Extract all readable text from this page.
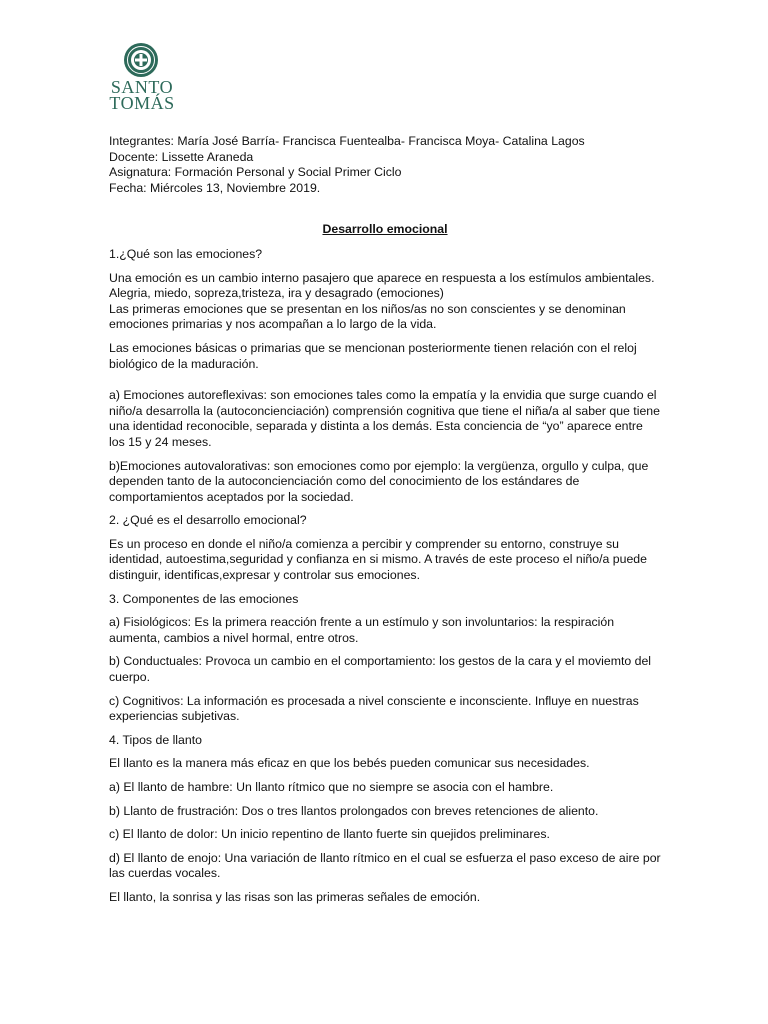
SANTO
TOMÁS

Integrantes: María José Barría- Francisca Fuentealba- Francisca Moya- Catalina Lagos

Docente: Lissette Araneda

Asignatura: Formación Personal y Social Primer Ciclo

Fecha: Miércoles 13, Noviembre 2019.

Desarrollo emocional

1.¿Qué son las emociones?

Una emoción es un cambio interno pasajero que aparece en respuesta a los estímulos ambientales.
Alegria, miedo, sopreza,tristeza, ira y desagrado (emociones)
Las primeras emociones que se presentan en los niños/as no son conscientes y se denominan emociones primarias y nos acompañan a lo largo de la vida.

Las emociones básicas o primarias que se mencionan posteriormente tienen relación con el reloj biológico de la maduración.

a) Emociones autoreflexivas: son emociones tales como la empatía y la envidia que surge cuando el niño/a desarrolla la (autoconcienciación) comprensión cognitiva que tiene el niña/a al saber que tiene una identidad reconocible, separada y distinta a los demás. Esta conciencia de “yo” aparece entre los 15 y 24 meses.

b)Emociones autovalorativas: son emociones como por ejemplo: la vergüenza, orgullo y culpa, que dependen tanto de la autoconcienciación como del conocimiento de los estándares de comportamientos aceptados por la sociedad.

2. ¿Qué es el desarrollo emocional?

Es un proceso en donde el niño/a comienza a percibir y comprender su entorno, construye su identidad, autoestima,seguridad y confianza en si mismo. A través de este proceso el niño/a puede distinguir, identificas,expresar y controlar sus emociones.

3. Componentes de las emociones

a) Fisiológicos: Es la primera reacción frente a un estímulo y son involuntarios: la respiración aumenta, cambios a nivel hormal, entre otros.

b) Conductuales: Provoca un cambio en el comportamiento: los gestos de la cara y el moviemto del cuerpo.

c) Cognitivos: La información es procesada a nivel consciente e inconsciente. Influye en nuestras experiencias subjetivas.

4. Tipos de llanto

El llanto es la manera más eficaz en que los bebés pueden comunicar sus necesidades.

a) El llanto de hambre: Un llanto rítmico que no siempre se asocia con el hambre.

b) Llanto de frustración: Dos o tres llantos prolongados con breves retenciones de aliento.

c) El llanto de dolor: Un inicio repentino de llanto fuerte sin quejidos preliminares.

d) El llanto de enojo: Una variación de llanto rítmico en el cual se esfuerza el paso exceso de aire por las cuerdas vocales.

El llanto, la sonrisa y las risas son las primeras señales de emoción.
